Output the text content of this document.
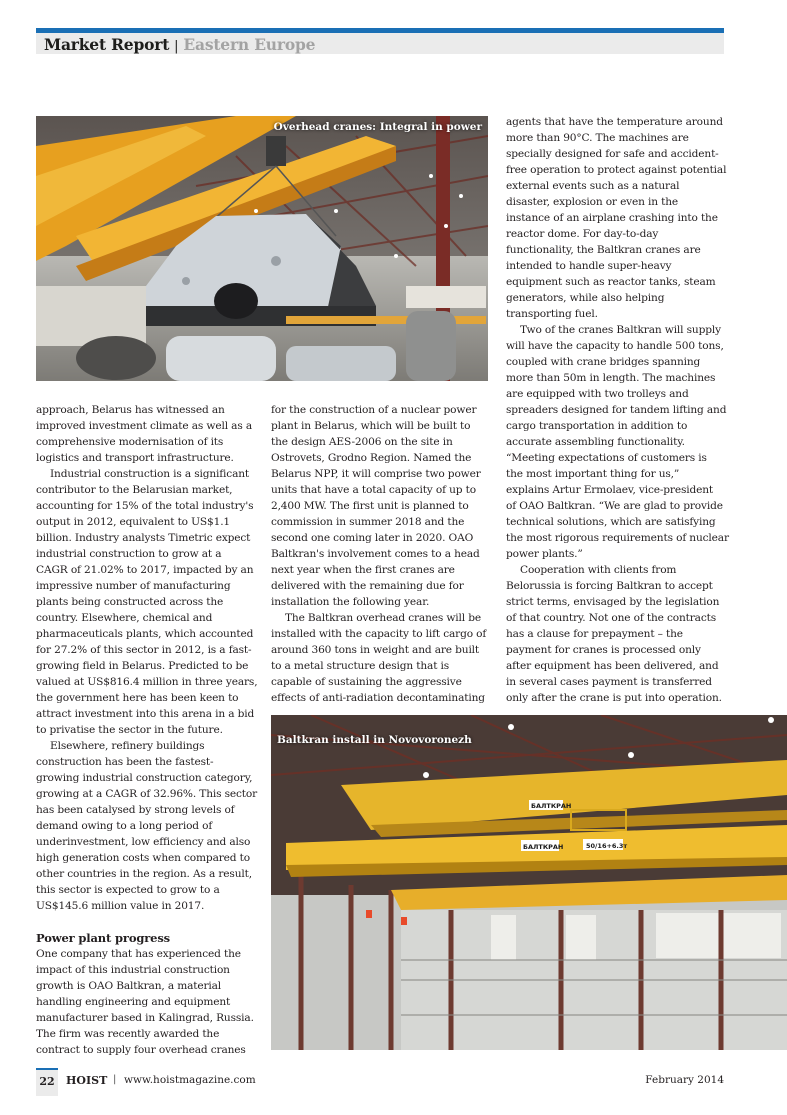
Market Report | Eastern Europe
Overhead cranes: Integral in power

approach, Belarus has witnessed an

improved investment climate as well as a

comprehensive modernisation of its

logistics and transport infrastructure.

Industrial construction is a significant

contributor to the Belarusian market,

accounting for 15% of the total industry's

output in 2012, equivalent to US$1.1

billion. Industry analysts Timetric expect

industrial construction to grow at a

CAGR of 21.02% to 2017, impacted by an

impressive number of manufacturing

plants being constructed across the

country. Elsewhere, chemical and

pharmaceuticals plants, which accounted

for 27.2% of this sector in 2012, is a fast-

growing field in Belarus. Predicted to be

valued at US$816.4 million in three years,

the government here has been keen to

attract investment into this arena in a bid

to privatise the sector in the future.

Elsewhere, refinery buildings

construction has been the fastest-

growing industrial construction category,

growing at a CAGR of 32.96%. This sector

has been catalysed by strong levels of

demand owing to a long period of

underinvestment, low efficiency and also

high generation costs when compared to

other countries in the region. As a result,

this sector is expected to grow to a

US$145.6 million value in 2017.

Power plant progress

One company that has experienced the

impact of this industrial construction

growth is OAO Baltkran, a material

handling engineering and equipment

manufacturer based in Kalingrad, Russia.

The firm was recently awarded the

contract to supply four overhead cranes

for the construction of a nuclear power

plant in Belarus, which will be built to

the design AES-2006 on the site in

Ostrovets, Grodno Region. Named the

Belarus NPP, it will comprise two power

units that have a total capacity of up to

2,400 MW. The first unit is planned to

commission in summer 2018 and the

second one coming later in 2020. OAO

Baltkran's involvement comes to a head

next year when the first cranes are

delivered with the remaining due for

installation the following year.

The Baltkran overhead cranes will be

installed with the capacity to lift cargo of

around 360 tons in weight and are built

to a metal structure design that is

capable of sustaining the aggressive

effects of anti-radiation decontaminating

agents that have the temperature around

more than 90°C. The machines are

specially designed for safe and accident-

free operation to protect against potential

external events such as a natural

disaster, explosion or even in the

instance of an airplane crashing into the

reactor dome. For day-to-day

functionality, the Baltkran cranes are

intended to handle super-heavy

equipment such as reactor tanks, steam

generators, while also helping

transporting fuel.

Two of the cranes Baltkran will supply

will have the capacity to handle 500 tons,

coupled with crane bridges spanning

more than 50m in length. The machines

are equipped with two trolleys and

spreaders designed for tandem lifting and

cargo transportation in addition to

accurate assembling functionality.

“Meeting expectations of customers is

the most important thing for us,”

explains Artur Ermolaev, vice-president

of OAO Baltkran. “We are glad to provide

technical solutions, which are satisfying

the most rigorous requirements of nuclear

power plants.”

Cooperation with clients from

Belorussia is forcing Baltkran to accept

strict terms, envisaged by the legislation

of that country. Not one of the contracts

has a clause for prepayment – the

payment for cranes is processed only

after equipment has been delivered, and

in several cases payment is transferred

only after the crane is put into operation.

БАЛТКРАН
БАЛТКРАН	50/16+6.3т
Baltkran install in Novovoronezh
22	HOIST | www.hoistmagazine.com	February 2014
